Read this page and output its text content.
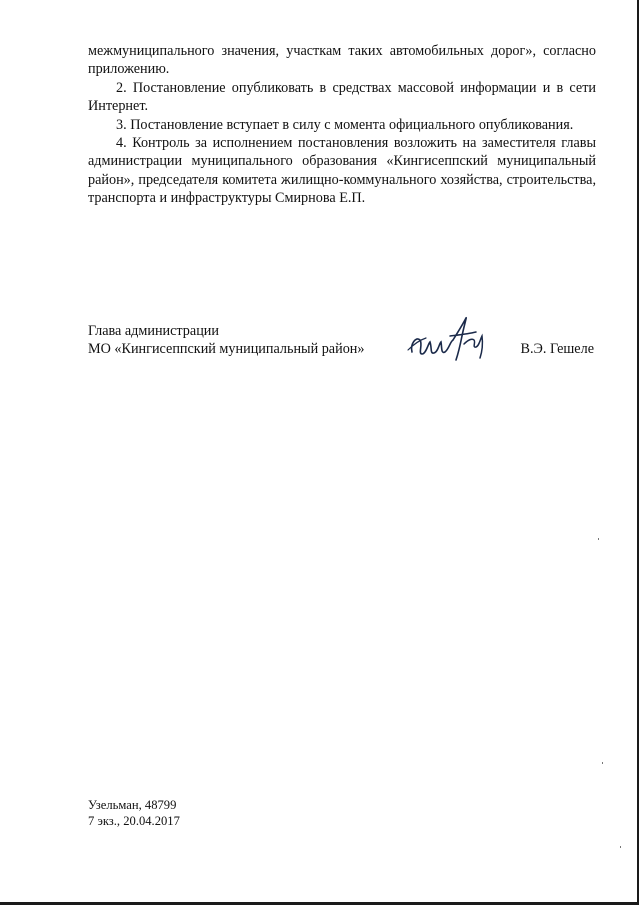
межмуниципального значения, участкам таких автомобильных дорог», согласно приложению.

2. Постановление опубликовать в средствах массовой информации и в сети Интернет.

3. Постановление вступает в силу с момента официального опубликования.

4. Контроль за исполнением постановления возложить на заместителя главы администрации муниципального образования «Кингисеппский муниципальный район», председателя комитета жилищно-коммунального хозяйства, строительства, транспорта и инфраструктуры Смирнова Е.П.

Глава администрации
МО «Кингисеппский муниципальный район»	В.Э. Гешеле
Узельман, 48799
7 экз., 20.04.2017
